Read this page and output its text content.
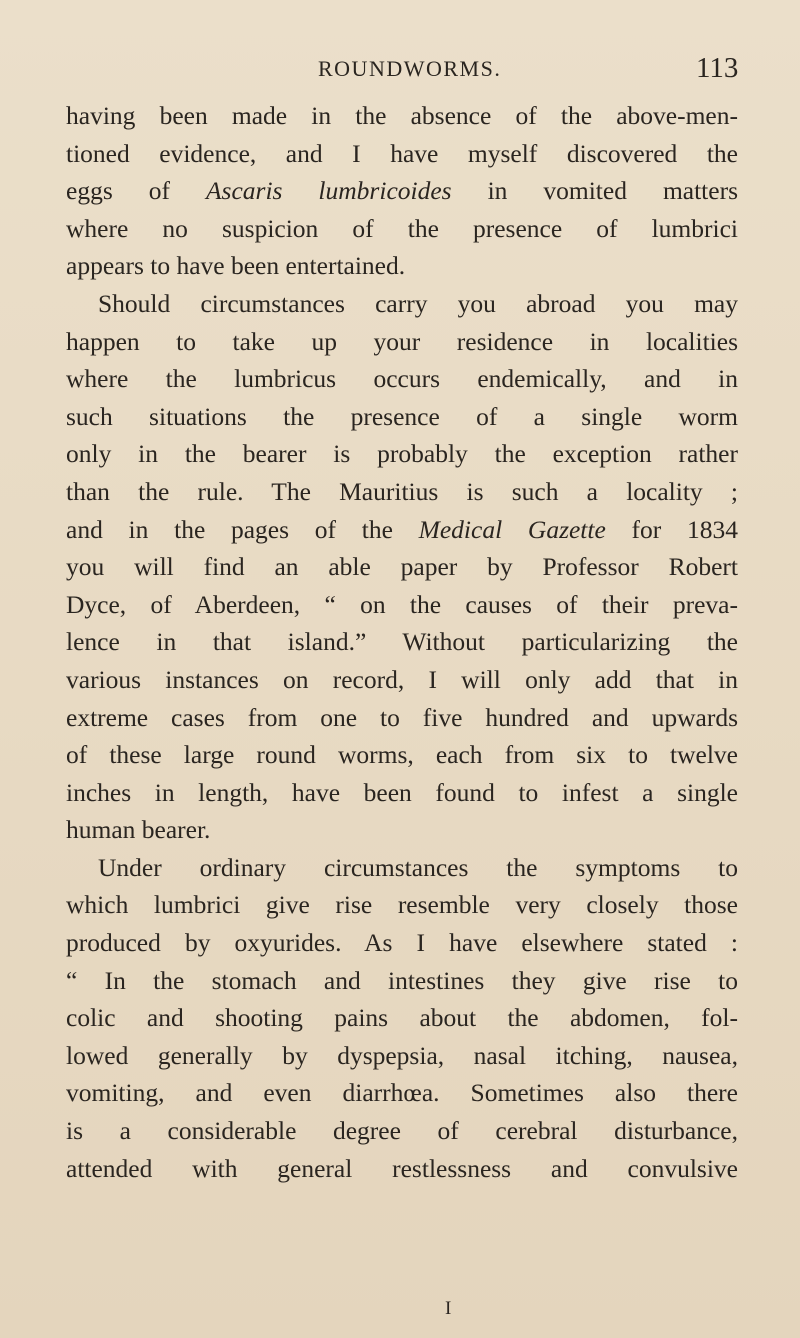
ROUNDWORMS.	113
having been made in the absence of the above-men-
tioned evidence, and I have myself discovered the
eggs of Ascaris lumbricoides in vomited matters
where no suspicion of the presence of lumbrici
appears to have been entertained.
Should circumstances carry you abroad you may
happen to take up your residence in localities
where the lumbricus occurs endemically, and in
such situations the presence of a single worm
only in the bearer is probably the exception rather
than the rule. The Mauritius is such a locality ;
and in the pages of the Medical Gazette for 1834
you will find an able paper by Professor Robert
Dyce, of Aberdeen, “ on the causes of their preva-
lence in that island.” Without particularizing the
various instances on record, I will only add that in
extreme cases from one to five hundred and upwards
of these large round worms, each from six to twelve
inches in length, have been found to infest a single
human bearer.
Under ordinary circumstances the symptoms to
which lumbrici give rise resemble very closely those
produced by oxyurides. As I have elsewhere stated :
“ In the stomach and intestines they give rise to
colic and shooting pains about the abdomen, fol-
lowed generally by dyspepsia, nasal itching, nausea,
vomiting, and even diarrhœa. Sometimes also there
is a considerable degree of cerebral disturbance,
attended with general restlessness and convulsive
I
